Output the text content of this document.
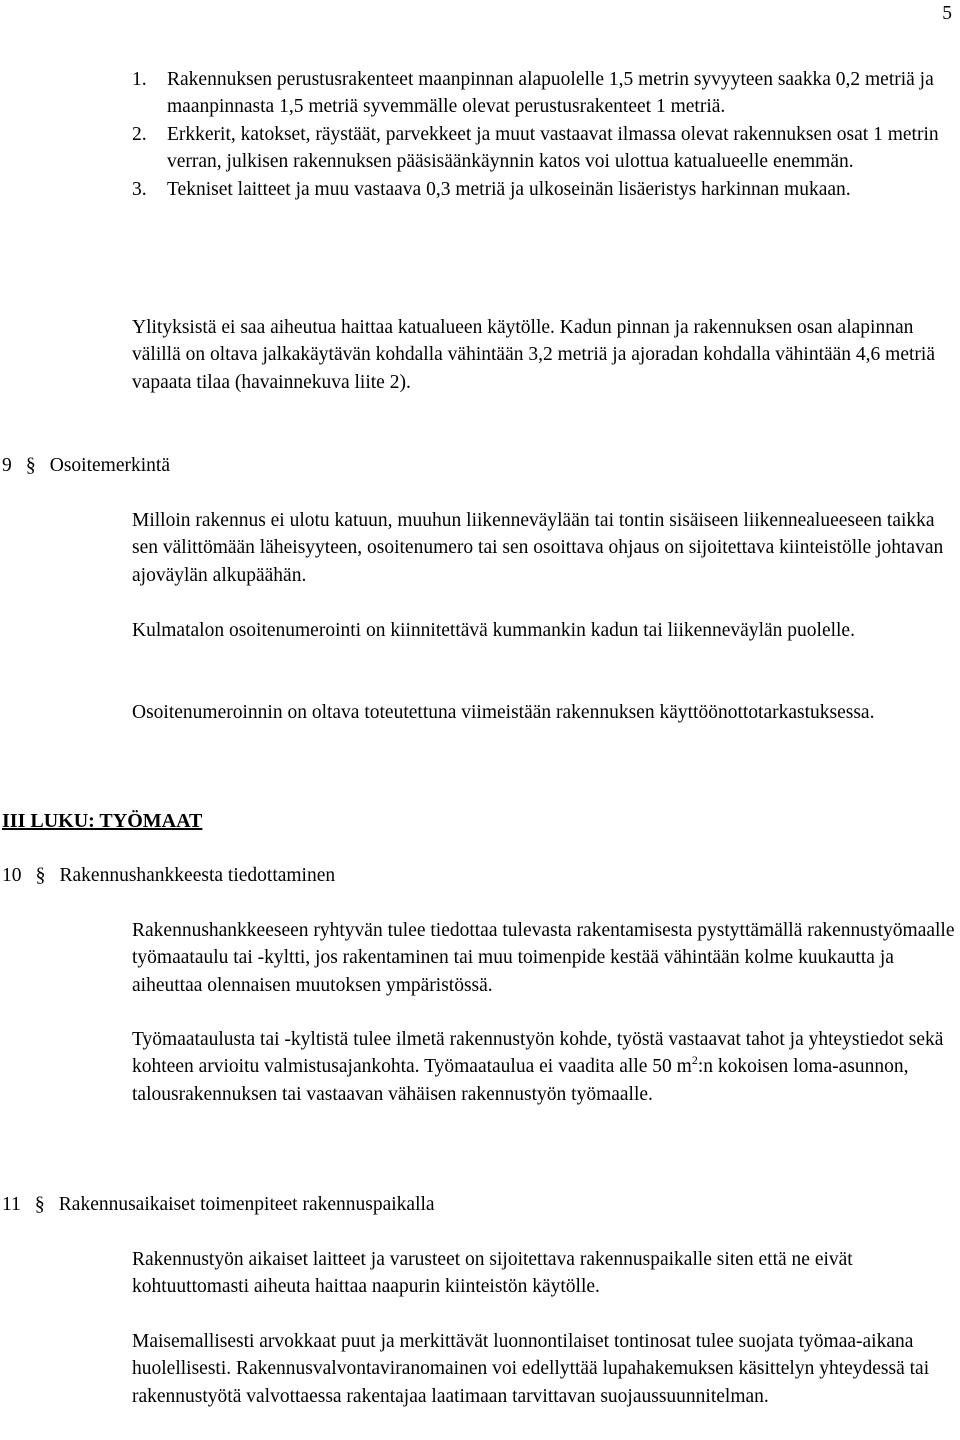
5
1.	Rakennuksen perustusrakenteet maanpinnan alapuolelle 1,5 metrin syvyyteen saakka 0,2 metriä ja maanpinnasta 1,5 metriä syvemmälle olevat perustusrakenteet 1 metriä.
2.	Erkkerit, katokset, räystäät, parvekkeet ja muut vastaavat ilmassa olevat rakennuksen osat 1 metrin verran, julkisen rakennuksen pääsisäänkäynnin katos voi ulottua katualueelle enemmän.
3.	Tekniset laitteet ja muu vastaava 0,3 metriä ja ulkoseinän lisäeristys harkinnan mukaan.

Ylityksistä ei saa aiheutua haittaa katualueen käytölle. Kadun pinnan ja rakennuksen osan alapinnan välillä on oltava jalkakäytävän kohdalla vähintään 3,2 metriä ja ajoradan kohdalla vähintään 4,6 metriä vapaata tilaa (havainnekuva liite 2).

9 § Osoitemerkintä

Milloin rakennus ei ulotu katuun, muuhun liikenneväylään tai tontin sisäiseen liikennealueeseen taikka sen välittömään läheisyyteen, osoitenumero tai sen osoittava ohjaus on sijoitettava kiinteistölle johtavan ajoväylän alkupäähän.

Kulmatalon osoitenumerointi on kiinnitettävä kummankin kadun tai liikenneväylän puolelle.

Osoitenumeroinnin on oltava toteutettuna viimeistään rakennuksen käyttöönottotarkastuksessa.

III LUKU: TYÖMAAT
10 § Rakennushankkeesta tiedottaminen

Rakennushankkeeseen ryhtyvän tulee tiedottaa tulevasta rakentamisesta pystyttämällä rakennustyömaalle työmaataulu tai -kyltti, jos rakentaminen tai muu toimenpide kestää vähintään kolme kuukautta ja aiheuttaa olennaisen muutoksen ympäristössä.

Työmaataulusta tai -kyltistä tulee ilmetä rakennustyön kohde, työstä vastaavat tahot ja yhteystiedot sekä kohteen arvioitu valmistusajankohta. Työmaataulua ei vaadita alle 50 $m^2:n$ kokoisen loma-asunnon, talousrakennuksen tai vastaavan vähäisen rakennustyön työmaalle.

11 § Rakennusaikaiset toimenpiteet rakennuspaikalla

Rakennustyön aikaiset laitteet ja varusteet on sijoitettava rakennuspaikalle siten että ne eivät kohtuuttomasti aiheuta haittaa naapurin kiinteistön käytölle.

Maisemallisesti arvokkaat puut ja merkittävät luonnontilaiset tontinosat tulee suojata työmaa-aikana huolellisesti. Rakennusvalvontaviranomainen voi edellyttää lupahakemuksen käsittelyn yhteydessä tai rakennustyötä valvottaessa rakentajaa laatimaan tarvittavan suojaussuunnitelman.
